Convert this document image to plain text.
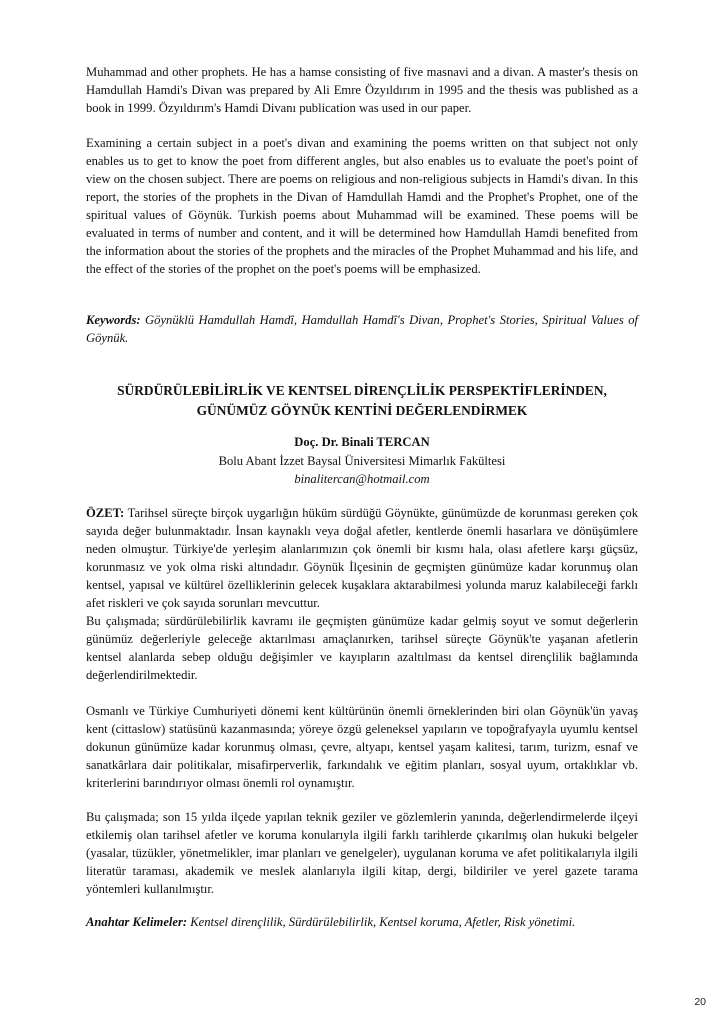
Muhammad and other prophets. He has a hamse consisting of five masnavi and a divan. A master's thesis on Hamdullah Hamdi's Divan was prepared by Ali Emre Özyıldırım in 1995 and the thesis was published as a book in 1999. Özyıldırım's Hamdi Divanı publication was used in our paper.

Examining a certain subject in a poet's divan and examining the poems written on that subject not only enables us to get to know the poet from different angles, but also enables us to evaluate the poet's point of view on the chosen subject. There are poems on religious and non-religious subjects in Hamdi's divan. In this report, the stories of the prophets in the Divan of Hamdullah Hamdi and the Prophet's Prophet, one of the spiritual values of Göynük. Turkish poems about Muhammad will be examined. These poems will be evaluated in terms of number and content, and it will be determined how Hamdullah Hamdi benefited from the information about the stories of the prophets and the miracles of the Prophet Muhammad and his life, and the effect of the stories of the prophet on the poet's poems will be emphasized.

Keywords: Göynüklü Hamdullah Hamdî, Hamdullah Hamdî's Divan, Prophet's Stories, Spiritual Values of Göynük.

SÜRDÜRÜLEBİLİRLİK VE KENTSEL DİRENÇLİLİK PERSPEKTİFLERİNDEN,
GÜNÜMÜZ GÖYNÜK KENTİNİ DEĞERLENDİRMEK
Doç. Dr. Binali TERCAN
Bolu Abant İzzet Baysal Üniversitesi Mimarlık Fakültesi
binalitercan@hotmail.com

ÖZET: Tarihsel süreçte birçok uygarlığın hüküm sürdüğü Göynükte, günümüzde de korunması gereken çok sayıda değer bulunmaktadır. İnsan kaynaklı veya doğal afetler, kentlerde önemli hasarlara ve dönüşümlere neden olmuştur. Türkiye'de yerleşim alanlarımızın çok önemli bir kısmı hala, olası afetlere karşı güçsüz, korunmasız ve yok olma riski altındadır. Göynük İlçesinin de geçmişten günümüze kadar korunmuş olan kentsel, yapısal ve kültürel özelliklerinin gelecek kuşaklara aktarabilmesi yolunda maruz kalabileceği farklı afet riskleri ve çok sayıda sorunları mevcuttur.

Bu çalışmada; sürdürülebilirlik kavramı ile geçmişten günümüze kadar gelmiş soyut ve somut değerlerin günümüz değerleriyle geleceğe aktarılması amaçlanırken, tarihsel süreçte Göynük'te yaşanan afetlerin kentsel alanlarda sebep olduğu değişimler ve kayıpların azaltılması da kentsel dirençlilik bağlamında değerlendirilmektedir.

Osmanlı ve Türkiye Cumhuriyeti dönemi kent kültürünün önemli örneklerinden biri olan Göynük'ün yavaş kent (cittaslow) statüsünü kazanmasında; yöreye özgü geleneksel yapıların ve topoğrafyayla uyumlu kentsel dokunun günümüze kadar korunmuş olması, çevre, altyapı, kentsel yaşam kalitesi, tarım, turizm, esnaf ve sanatkârlara dair politikalar, misafirperverlik, farkındalık ve eğitim planları, sosyal uyum, ortaklıklar vb. kriterlerini barındırıyor olması önemli rol oynamıştır.

Bu çalışmada; son 15 yılda ilçede yapılan teknik geziler ve gözlemlerin yanında, değerlendirmelerde ilçeyi etkilemiş olan tarihsel afetler ve koruma konularıyla ilgili farklı tarihlerde çıkarılmış olan hukuki belgeler (yasalar, tüzükler, yönetmelikler, imar planları ve genelgeler), uygulanan koruma ve afet politikalarıyla ilgili literatür taraması, akademik ve meslek alanlarıyla ilgili kitap, dergi, bildiriler ve yerel gazete tarama yöntemleri kullanılmıştır.

Anahtar Kelimeler: Kentsel dirençlilik, Sürdürülebilirlik, Kentsel koruma, Afetler, Risk yönetimi.

20
